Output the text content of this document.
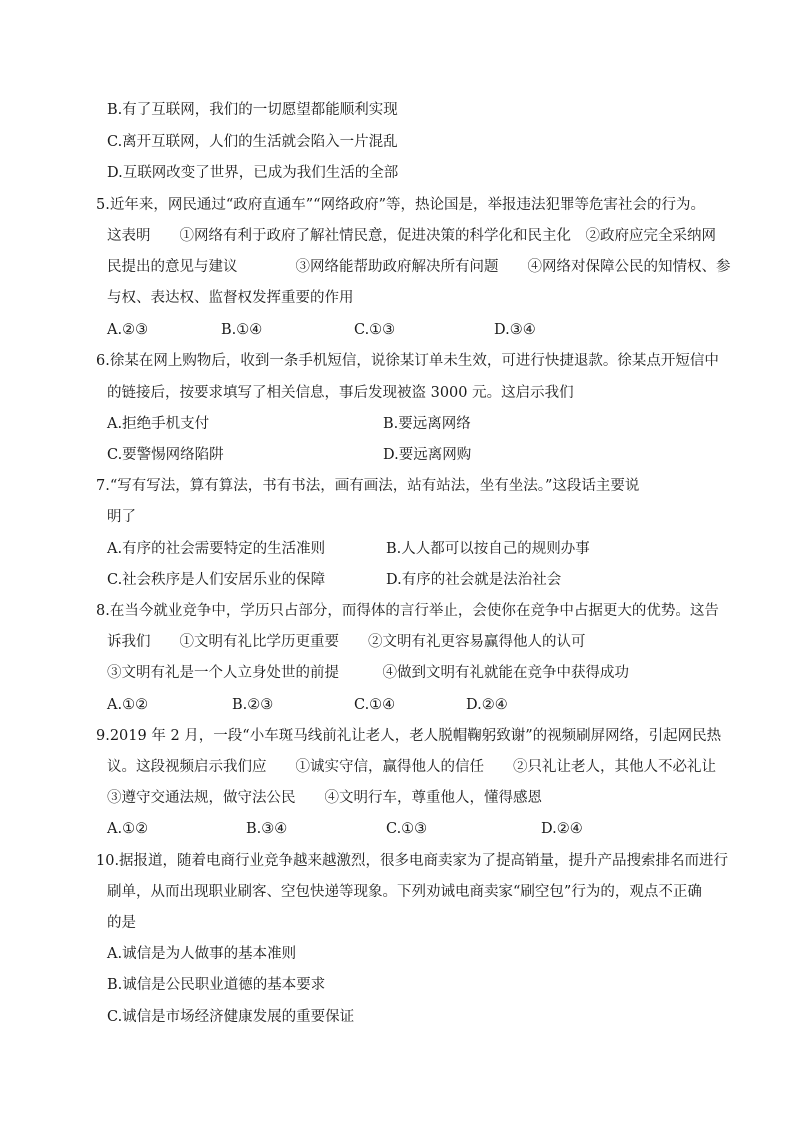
B.有了互联网，我们的一切愿望都能顺利实现
C.离开互联网，人们的生活就会陷入一片混乱
D.互联网改变了世界，已成为我们生活的全部
5.近年来，网民通过“政府直通车”“网络政府”等，热论国是，举报违法犯罪等危害社会的行为。
这表明　　①网络有利于政府了解社情民意，促进决策的科学化和民主化　②政府应完全采纳网
民提出的意见与建议　　　　③网络能帮助政府解决所有问题　　④网络对保障公民的知情权、参
与权、表达权、监督权发挥重要的作用
A.②③	B.①④	C.①③	D.③④
6.徐某在网上购物后，收到一条手机短信，说徐某订单未生效，可进行快捷退款。徐某点开短信中
的链接后，按要求填写了相关信息，事后发现被盗 3000 元。这启示我们
A.拒绝手机支付	B.要远离网络
C.要警惕网络陷阱	D.要远离网购
7.“写有写法，算有算法，书有书法，画有画法，站有站法，坐有坐法。”这段话主要说
明了
A.有序的社会需要特定的生活准则	B.人人都可以按自己的规则办事
C.社会秩序是人们安居乐业的保障	D.有序的社会就是法治社会
8.在当今就业竞争中，学历只占部分，而得体的言行举止，会使你在竞争中占据更大的优势。这告
诉我们　　①文明有礼比学历更重要　　②文明有礼更容易赢得他人的认可
③文明有礼是一个人立身处世的前提　　　④做到文明有礼就能在竞争中获得成功
A.①②	B.②③	C.①④	D.②④
9.2019 年 2 月，一段“小车斑马线前礼让老人，老人脱帽鞠躬致谢”的视频刷屏网络，引起网民热
议。这段视频启示我们应　　①诚实守信，赢得他人的信任　　②只礼让老人，其他人不必礼让
③遵守交通法规，做守法公民　　④文明行车，尊重他人，懂得感恩
A.①②	B.③④	C.①③	D.②④
10.据报道，随着电商行业竞争越来越激烈，很多电商卖家为了提高销量，提升产品搜索排名而进行
刷单，从而出现职业刷客、空包快递等现象。下列劝诫电商卖家“刷空包”行为的，观点不正确
的是
A.诚信是为人做事的基本准则
B.诚信是公民职业道德的基本要求
C.诚信是市场经济健康发展的重要保证
